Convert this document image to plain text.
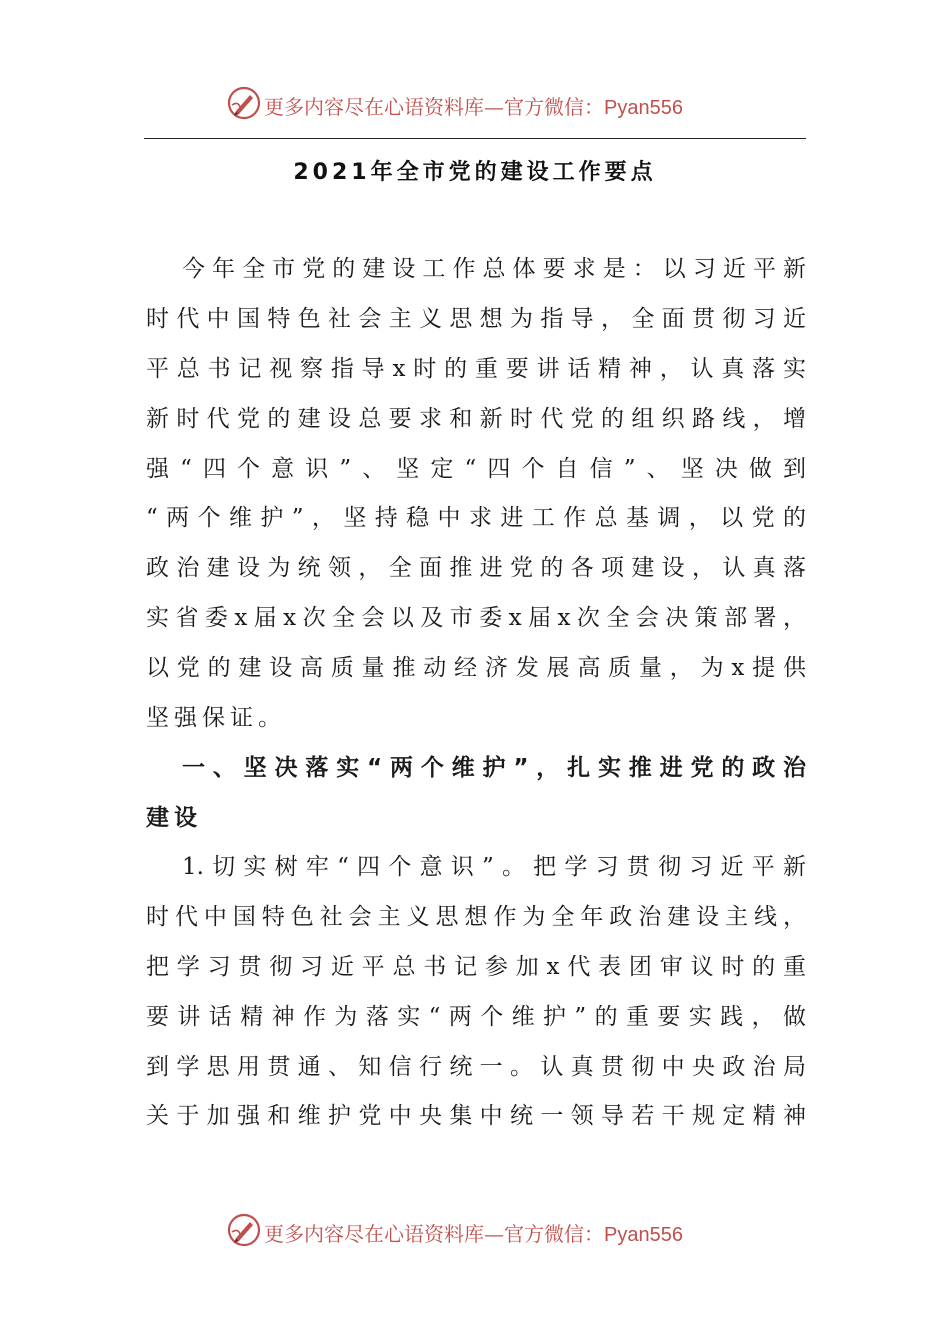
更多内容尽在心语资料库—官方微信：Pyan556
2021年全市党的建设工作要点
今年全市党的建设工作总体要求是：以习近平新
时代中国特色社会主义思想为指导，全面贯彻习近
平总书记视察指导x时的重要讲话精神，认真落实
新时代党的建设总要求和新时代党的组织路线，增
强“四个意识”、坚定“四个自信”、坚决做到
“两个维护”，坚持稳中求进工作总基调，以党的
政治建设为统领，全面推进党的各项建设，认真落
实省委x届x次全会以及市委x届x次全会决策部署，
以党的建设高质量推动经济发展高质量，为x提供
坚强保证。
一、坚决落实“两个维护”，扎实推进党的政治
建设
1.切实树牢“四个意识”。把学习贯彻习近平新
时代中国特色社会主义思想作为全年政治建设主线，
把学习贯彻习近平总书记参加x代表团审议时的重
要讲话精神作为落实“两个维护”的重要实践，做
到学思用贯通、知信行统一。认真贯彻中央政治局
关于加强和维护党中央集中统一领导若干规定精神
更多内容尽在心语资料库—官方微信：Pyan556
